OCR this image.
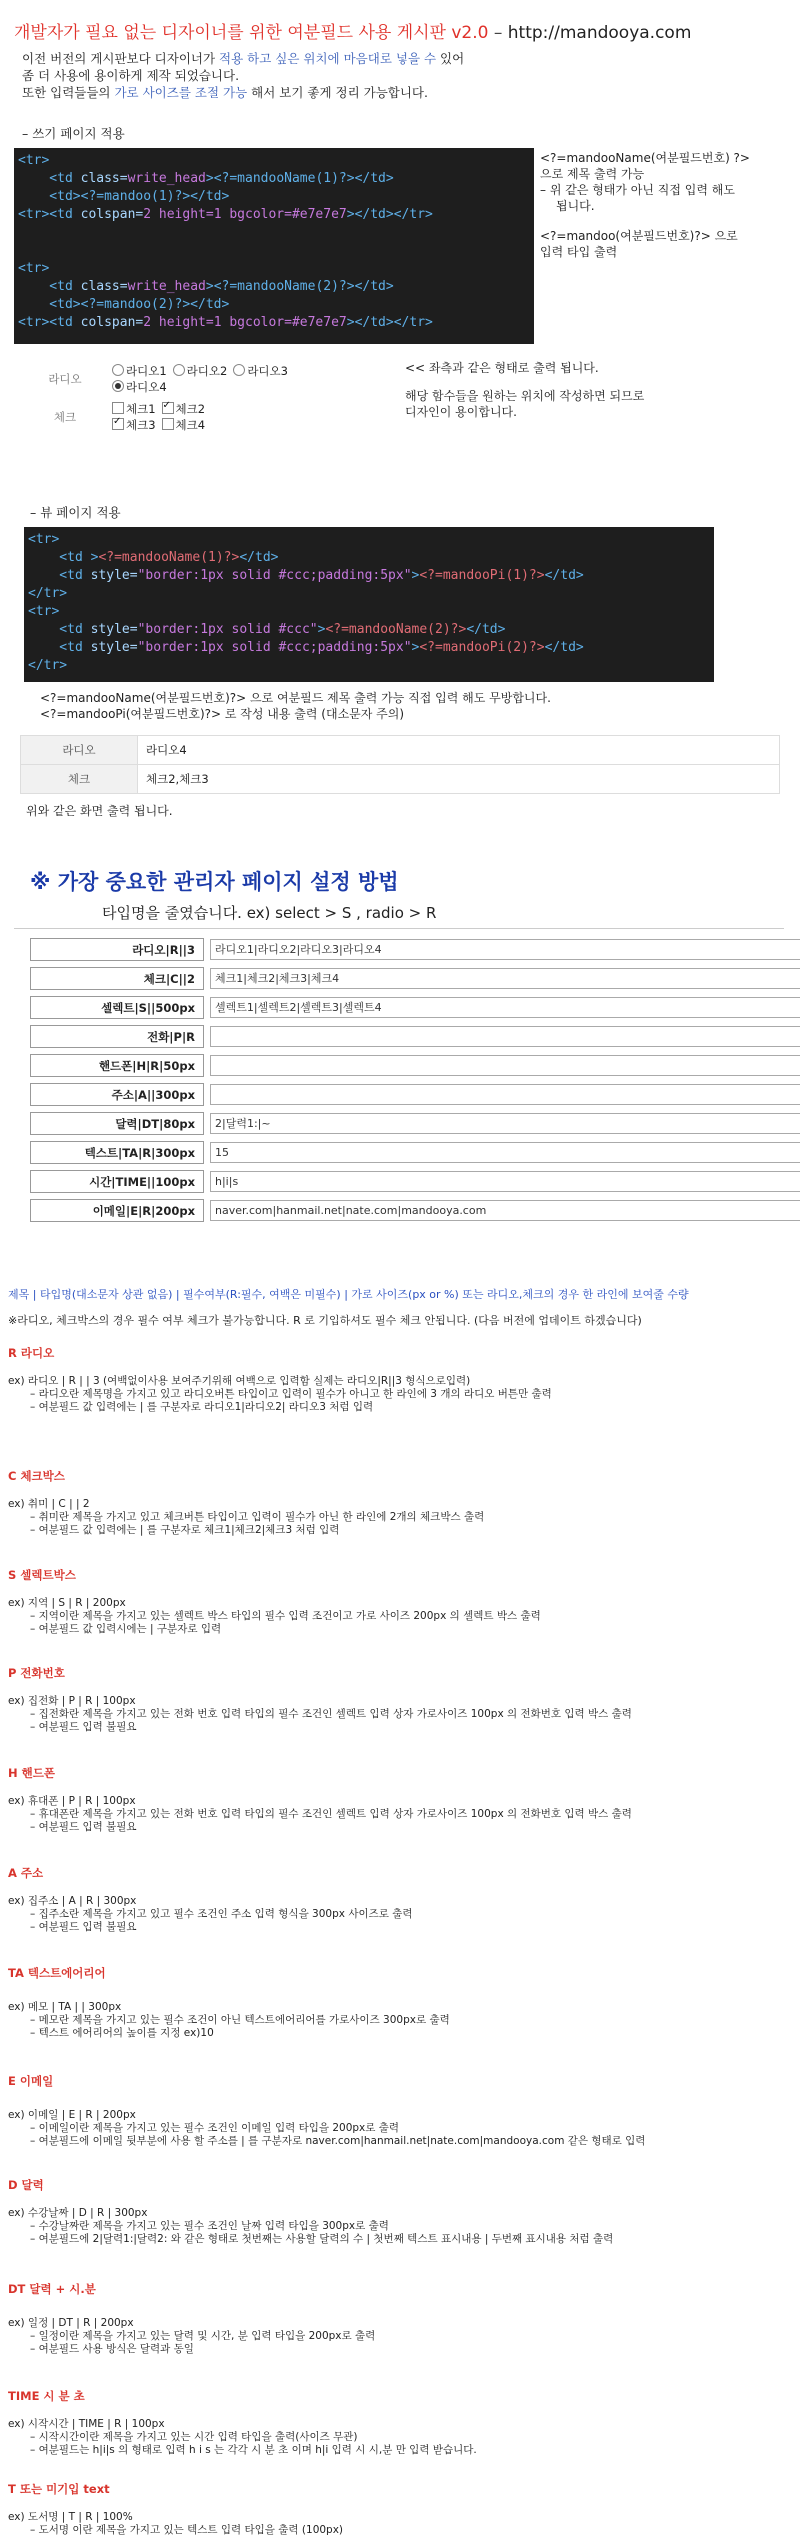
개발자가 필요 없는 디자이너를 위한 여분필드 사용 게시판 v2.0 – http://mandooya.com
이전 버전의 게시판보다 디자이너가 적용 하고 싶은 위치에 마음대로 넣을 수 있어
좀 더 사용에 용이하게 제작 되었습니다.
또한 입력들들의 가로 사이즈를 조절 가능 해서 보기 좋게 정리 가능합니다.
– 쓰기 페이지 적용
<tr>
<td class=write_head><?=mandooName(1)?></td>
<td><?=mandoo(1)?></td>
<tr><td colspan=2 height=1 bgcolor=#e7e7e7></td></tr>
<tr>
<td class=write_head><?=mandooName(2)?></td>
<td><?=mandoo(2)?></td>
<tr><td colspan=2 height=1 bgcolor=#e7e7e7></td></tr>
<?=mandooName(여분필드번호) ?>
으로 제목 출력 가능
– 위 같은 형태가 아닌 직접 입력 해도
됩니다.
<?=mandoo(여분필드번호)?> 으로
입력 타입 출력
라디오	라디오1 라디오2 라디오3
라디오4
체크	체크1 ✓ 체크2
✓체크3 체크4
<< 좌측과 같은 형태로 출력 됩니다.
해당 함수들을 원하는 위치에 작성하면 되므로
디자인이 용이합니다.
– 뷰 페이지 적용
<tr>
<td ><?=mandooName(1)?></td>
<td style="border:1px solid #ccc;padding:5px"><?=mandooPi(1)?></td>
</tr>
<tr>
<td style="border:1px solid #ccc"><?=mandooName(2)?></td>
<td style="border:1px solid #ccc;padding:5px"><?=mandooPi(2)?></td>
</tr>
<?=mandooName(여분필드번호)?> 으로 여분필드 제목 출력 가능 직접 입력 해도 무방합니다.
<?=mandooPi(여분필드번호)?> 로 작성 내용 출력 (대소문자 주의)
라디오	라디오4
체크	체크2,체크3
위와 같은 화면 출력 됩니다.
※ 가장 중요한 관리자 페이지 설정 방법
타입명을 줄였습니다. ex) select > S , radio > R
라디오|R||3	라디오1|라디오2|라디오3|라디오4

체크|C||2	체크1|체크2|체크3|체크4

셀렉트|S||500px	셀렉트1|셀렉트2|셀렉트3|셀렉트4

전화|P|R	

핸드폰|H|R|50px	

주소|A||300px	

달력|DT|80px	2|달력1:|~

텍스트|TA|R|300px	15

시간|TIME||100px	h|i|s

이메일|E|R|200px	naver.com|hanmail.net|nate.com|mandooya.com
제목 | 타입명(대소문자 상관 없음) | 필수여부(R:필수, 여백은 미필수) | 가로 사이즈(px or %) 또는 라디오,체크의 경우 한 라인에 보여줄 수량
※라디오, 체크박스의 경우 필수 여부 체크가 불가능합니다. R 로 기입하셔도 필수 체크 안됩니다. (다음 버전에 업데이트 하겠습니다)
R 라디오
ex) 라디오 | R | | 3 (여백없이사용 보여주기위해 여백으로 입력함 실제는 라디오|R||3 형식으로입력)
– 라디오란 제목명을 가지고 있고 라디오버튼 타입이고 입력이 필수가 아니고 한 라인에 3 개의 라디오 버튼만 출력
– 여분필드 값 입력에는 | 를 구분자로 라디오1|라디오2| 라디오3 처럼 입력
C 체크박스
ex) 취미 | C | | 2
– 취미란 제목을 가지고 있고 체크버튼 타입이고 입력이 필수가 아닌 한 라인에 2개의 체크박스 출력
– 여분필드 값 입력에는 | 를 구분자로 체크1|체크2|체크3 처럼 입력
S 셀렉트박스
ex) 지역 | S | R | 200px
– 지역이란 제목을 가지고 있는 셀렉트 박스 타입의 필수 입력 조건이고 가로 사이즈 200px 의 셀렉트 박스 출력
– 여분필드 값 입력시에는 | 구분자로 입력
P 전화번호
ex) 집전화 | P | R | 100px
– 집전화란 제목을 가지고 있는 전화 번호 입력 타입의 필수 조건인 셀렉트 입력 상자 가로사이즈 100px 의 전화번호 입력 박스 출력
– 여분필드 입력 불필요
H 핸드폰
ex) 휴대폰 | P | R | 100px
– 휴대폰란 제목을 가지고 있는 전화 번호 입력 타입의 필수 조건인 셀렉트 입력 상자 가로사이즈 100px 의 전화번호 입력 박스 출력
– 여분필드 입력 불필요
A 주소
ex) 집주소 | A | R | 300px
– 집주소란 제목을 가지고 있고 필수 조건인 주소 입력 형식을 300px 사이즈로 출력
– 여분필드 입력 불필요
TA 텍스트에어리어
ex) 메모 | TA | | 300px
– 메모란 제목을 가지고 있는 필수 조건이 아닌 텍스트에어리어를 가로사이즈 300px로 출력
– 텍스트 에어리어의 높이를 지정 ex)10
E 이메일
ex) 이메일 | E | R | 200px
– 이메일이란 제목을 가지고 있는 필수 조건인 이메일 입력 타입을 200px로 출력
– 여분필드에 이메일 뒷부분에 사용 할 주소를 | 를 구분자로 naver.com|hanmail.net|nate.com|mandooya.com 같은 형태로 입력
D 달력
ex) 수강날짜 | D | R | 300px
– 수강날짜란 제목을 가지고 있는 필수 조건인 날짜 입력 타입을 300px로 출력
– 여분필드에 2|달력1:|달력2: 와 같은 형태로 첫번째는 사용할 달력의 수 | 첫번째 텍스트 표시내용 | 두번째 표시내용 처럼 출력
DT 달력 + 시.분
ex) 일정 | DT | R | 200px
– 일정이란 제목을 가지고 있는 달력 및 시간, 분 입력 타입을 200px로 출력
– 여분필드 사용 방식은 달력과 동일
TIME 시 분 초
ex) 시작시간 | TIME | R | 100px
– 시작시간이란 제목을 가지고 있는 시간 입력 타입을 출력(사이즈 무관)
– 여분필드는 h|i|s 의 형태로 입력 h i s 는 각각 시 분 초 이며 h|i 입력 시 시,분 만 입력 받습니다.
T 또는 미기입 text
ex) 도서명 | T | R | 100%
– 도서명 이란 제목을 가지고 있는 텍스트 입력 타입을 출력 (100px)
